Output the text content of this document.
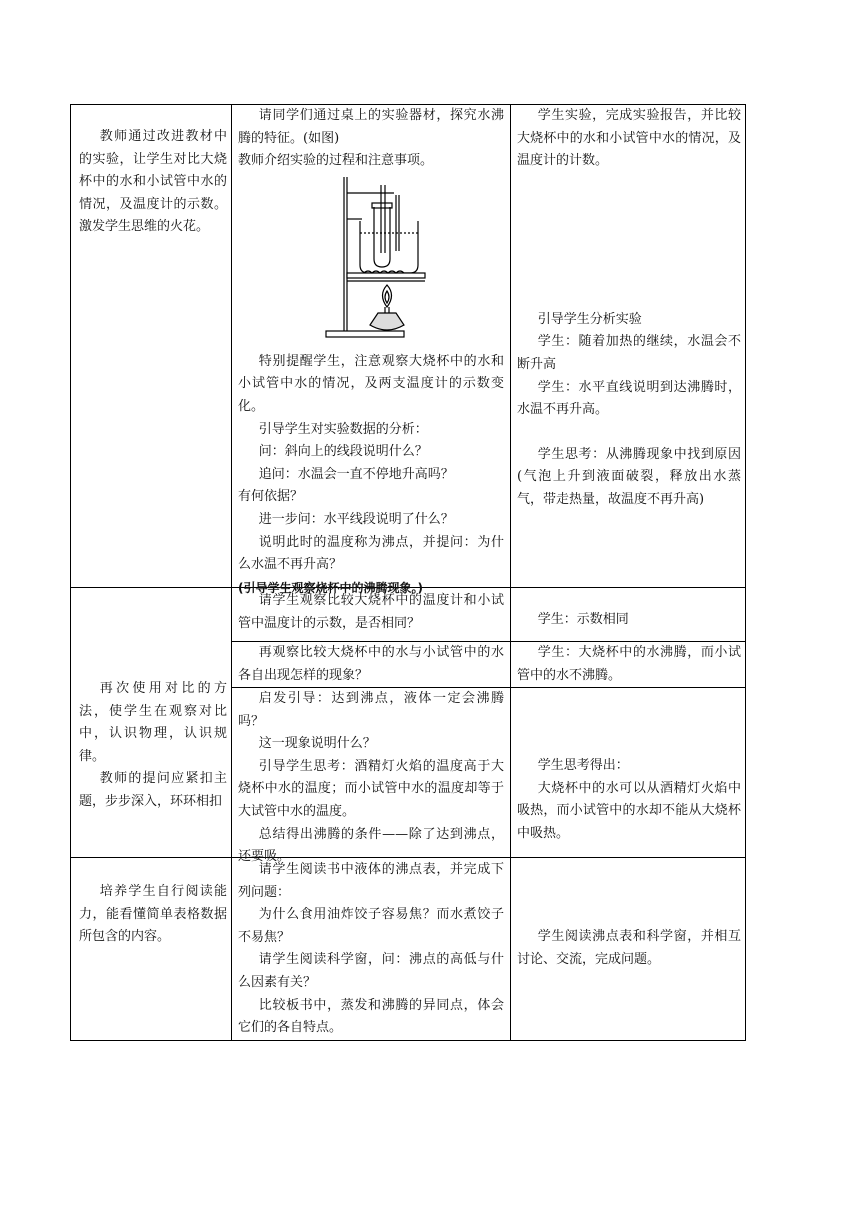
教师通过改进教材中的实验，让学生对比大烧杯中的水和小试管中水的情况，及温度计的示数。激发学生思维的火花。

请同学们通过桌上的实验器材，探究水沸腾的特征。(如图)

教师介绍实验的过程和注意事项。

特别提醒学生，注意观察大烧杯中的水和小试管中水的情况，及两支温度计的示数变化。

引导学生对实验数据的分析：

问：斜向上的线段说明什么？

追问：水温会一直不停地升高吗？

有何依据？

进一步问：水平线段说明了什么？

说明此时的温度称为沸点，并提问：为什么水温不再升高？

(引导学生观察烧杯中的沸腾现象。)

学生实验，完成实验报告，并比较大烧杯中的水和小试管中水的情况，及温度计的计数。

引导学生分析实验

学生：随着加热的继续，水温会不断升高

学生：水平直线说明到达沸腾时，水温不再升高。

学生思考：从沸腾现象中找到原因(气泡上升到液面破裂，释放出水蒸气，带走热量，故温度不再升高)

再次使用对比的方法，使学生在观察对比中，认识物理，认识规律。

教师的提问应紧扣主题，步步深入，环环相扣

请学生观察比较大烧杯中的温度计和小试管中温度计的示数，是否相同？	学生：示数相同

再观察比较大烧杯中的水与小试管中的水各自出现怎样的现象？

学生：大烧杯中的水沸腾，而小试管中的水不沸腾。

启发引导：达到沸点，液体一定会沸腾吗？

这一现象说明什么？

引导学生思考：酒精灯火焰的温度高于大烧杯中水的温度；而小试管中水的温度却等于大试管中水的温度。

总结得出沸腾的条件——除了达到沸点，还要吸。

学生思考得出：

大烧杯中的水可以从酒精灯火焰中吸热，而小试管中的水却不能从大烧杯中吸热。

培养学生自行阅读能力，能看懂简单表格数据所包含的内容。

请学生阅读书中液体的沸点表，并完成下列问题：

为什么食用油炸饺子容易焦？而水煮饺子不易焦？

请学生阅读科学窗，问：沸点的高低与什么因素有关？

比较板书中，蒸发和沸腾的异同点，体会它们的各自特点。

学生阅读沸点表和科学窗，并相互讨论、交流，完成问题。
